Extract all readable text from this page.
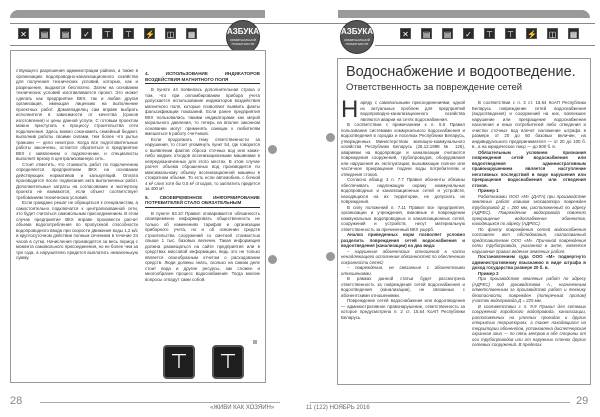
✕ ▤ ▤ ✓ ⊤ ⊤ ⚡ ◫ ▦	АЗБУКА
КОММУНАЛЬНОЙ ГРАМОТНОСТИ

ствующего разрешения администрации района, а также в организацию водопроводно-канализационного хозяйства для получения технических условий, которые, как и разрешение, выдаются бесплатно. Затем на основании технических условий изготавливается проект. Это может сделать как предприятие ВКХ, так и любая другая организация, имеющая лицензию на выполнение проектных работ. Домовладелец сам вправе выбрать исполнителя в зависимости от качества (сроков изготовления) и цены данной услуги. С готовым проектом можно приступать к процессу строительства сети подключения. Здесь можно сэкономить семейный бюджет, выполнив работы своими силами, тем более что рытье траншеи — дело нехитрое. Когда все подготовительные работы закончены, остается обратиться в предприятие ВКХ с заявлением о подключении, и специалисты выполнят врезку в централизованную сеть.

Стоит отметить, что стоимость работ по подключению определяется предприятием ВКХ на основании действующих нормативов и калькуляций. Оплата производится после подписания акта выполненных работ. Дополнительные затраты на согласование и экспертизу проекта не взимаются, если объект соответствует требованиям технических условий.

Если граждане решат не обращаться к специалистам, а самостоятельно подключатся к централизованной сети, это будет считаться самовольным присоединением. В этом случае предприятие ВКХ вправе произвести расчет объема водопотребления по пропускной способности водопроводного ввода при скорости движения воды 1,2 м/с и круглосуточном действии полным сечением в течение 24 часов в сутки. Начисления производятся за весь период с момента самовольного присоединения, но не более чем за три года, а нарушителю придется выплатить немаленькую сумму.

4. ИСПОЛЬЗОВАНИЕ ИНДИКАТОРОВ ВОЗДЕЙСТВИЯ МАГНИТНОГО ПОЛЯ

В пункте 44 появилась дополнительная строка о том, что при опломбировании прибора учета допускается использование индикаторов воздействия магнитного поля, которые позволяют выявить факты фальсификации показаний. Если ранее предприятия ВКХ пользовались такими индикаторами как мерой морального давления, то теперь на вполне законном основании могут применять санкции к любителям вмешаться в работу счетчиков.

Если продолжать тему ответственности за нарушения, то стоит упомянуть пункт 54, где говорится о выявлении фактов сброса сточных вод или каких-либо жидких отходов ассенизационными машинами в непредназначенных для этого местах. В этом случае расчет объема сброшенных вод производится по максимальному объему ассенизационной машины в стократном объеме. То есть если автомобиль с бочкой 4 м³ слил хотя бы 0,5 м³ отходов, то заплатить придется за 400 м³.

5. СВОЕВРЕМЕННОЕ ИНФОРМИРОВАНИЕ ПОТРЕБИТЕЛЕЙ СТАЛО ОБЯЗАТЕЛЬНЫМ

В пункте 63.10 Правил оговаривается обязанность своевременно информировать общественность не только об изменениях тарифов и организации приборного учета, но и об освоении средств строительства сооружений со сметной стоимостью свыше 1 тыс. базовых величин. Такая информация должна размещаться на сайте предприятия или в средствах массовой информации, ведь это не только является своеобразным отчетом о расходовании средств. Люди должны знать, сколько на самом деле стоит вода и другие ресурсы, как сложен и многообразен процесс водоснабжения. Тогда многие вопросы отпадут сами собой.

⊤	⊤
28
«ЖИВИ КАК ХОЗЯИН»
АЗБУКА
КОММУНАЛЬНОЙ ГРАМОТНОСТИ
✕ ▤ ▤ ✓ ⊤ ⊤ ⚡ ◫ ▦
Водоснабжение и водоотведение.
Ответственность за повреждение сетей

Наряду с самовольными присоединениями, одной из актуальных проблем для предприятий водопроводно-канализационного хозяйства являются аварии на сетях водоснабжения.

В соответствии с примечанием к п. 6.6 Правил пользования системами коммунального водоснабжения и водоотведения в городах и поселках Республики Беларусь, утвержденных Министерством жилищно-коммунального хозяйства Республики Беларусь (26.12.1998 № 126), авариями на водопроводе и канализации считаются повреждения сооружений, трубопроводов, оборудования или нарушения их эксплуатации, вызывающие полное или частичное прекращение подачи воды потребителям и отведения стоков.

Согласно абзацу 3 п. 7.7 Правил абоненты обязаны обеспечивать надлежащую охрану коммунальных водопроводных и канализационных сетей и устройств, находящихся на их территории, не допускать их повреждения.

В силу положений п. 7.11 Правил все предприятия, организации и учреждения, виновные в повреждении коммунальных водопроводных и канализационных сетей, сооружений и устройств, несут материальную ответственность за причиненный ВКХ ущерб.

Анализ приведенных норм позволяет условно разделить повреждения сетей водоснабжения и водоотведения (канализации) на два вида:

– нарушение абонентских отношений в части ненадлежащего исполнения обязанностей по обеспечению сохранности сетей;

– повреждения, не связанные с абонентскими отношениями.

В рамках данной статьи будет рассмотрена ответственность за повреждения сетей водоснабжения и водоотведения (канализации), не связанных с абонентскими отношениями.

Повреждение сетей водоснабжения или водоотведения — административное правонарушение, ответственность за которое предусмотрена п. 2 ст. 15.64 КоАП Республики Беларусь.

В соответствии с п. 2 ст. 15.64 КоАП Республики Беларусь повреждение сетей водоснабжения (водоотведения) и сооружений на них, повлекшее нарушение или прекращение водоснабжения населения и иных потребителей либо отведения и очистки сточных вод влечет наложение штрафа в размере от 20 до 50 базовых величин, на индивидуального предпринимателя — от 20 до 100 б. в., а на юридическое лицо — до 500 б. в.

Обязательным условием признания повреждения сетей водоснабжения или водоотведения административным правонарушением является наступление негативных последствий в виде нарушения или прекращения водоснабжения или отведения стоков.

Пример 1

Работниками ООО «М» (ДАТА) при производстве земляных работ ковшом экскаватора поврежден трубопровод Д = 200 мм, расположенный по адресу (АДРЕС). Повреждение водопровода повлекло прекращение водоснабжения абонентов, находящихся по адресу (АДРЕС).

По факту повреждения сетей водоснабжения составлен акт обследования, согласованный представителем ООО «М». Причиной повреждения сети трубопровода, указанной в акте, является нарушение правил ведения земляных работ.

Постановлением суда ООО «М» подвергнуто административному взысканию в виде штрафа в доход государства размере 20 б. в.

Пример 2

При производстве земляных работ по адресу (АДРЕС) под руководством А., назначенным ответственным за производство работ и технику безопасности, поврежден (поперечный пролом) участок водопровода Д = 225 мм.

В соответствии с п. 9.9 Правил для сетевых сооружений городского водопровода, канализации, расположенных на уличных проездах и других открытых территориях, а также находящихся на территории абонентов, установлена диспетчерская охранная зона — по пять метров в обе стороны от оси трубопроводов или от наружных стенок других сетевых сооружений. В пределах

11 (122) НОЯБРЬ 2016
29
